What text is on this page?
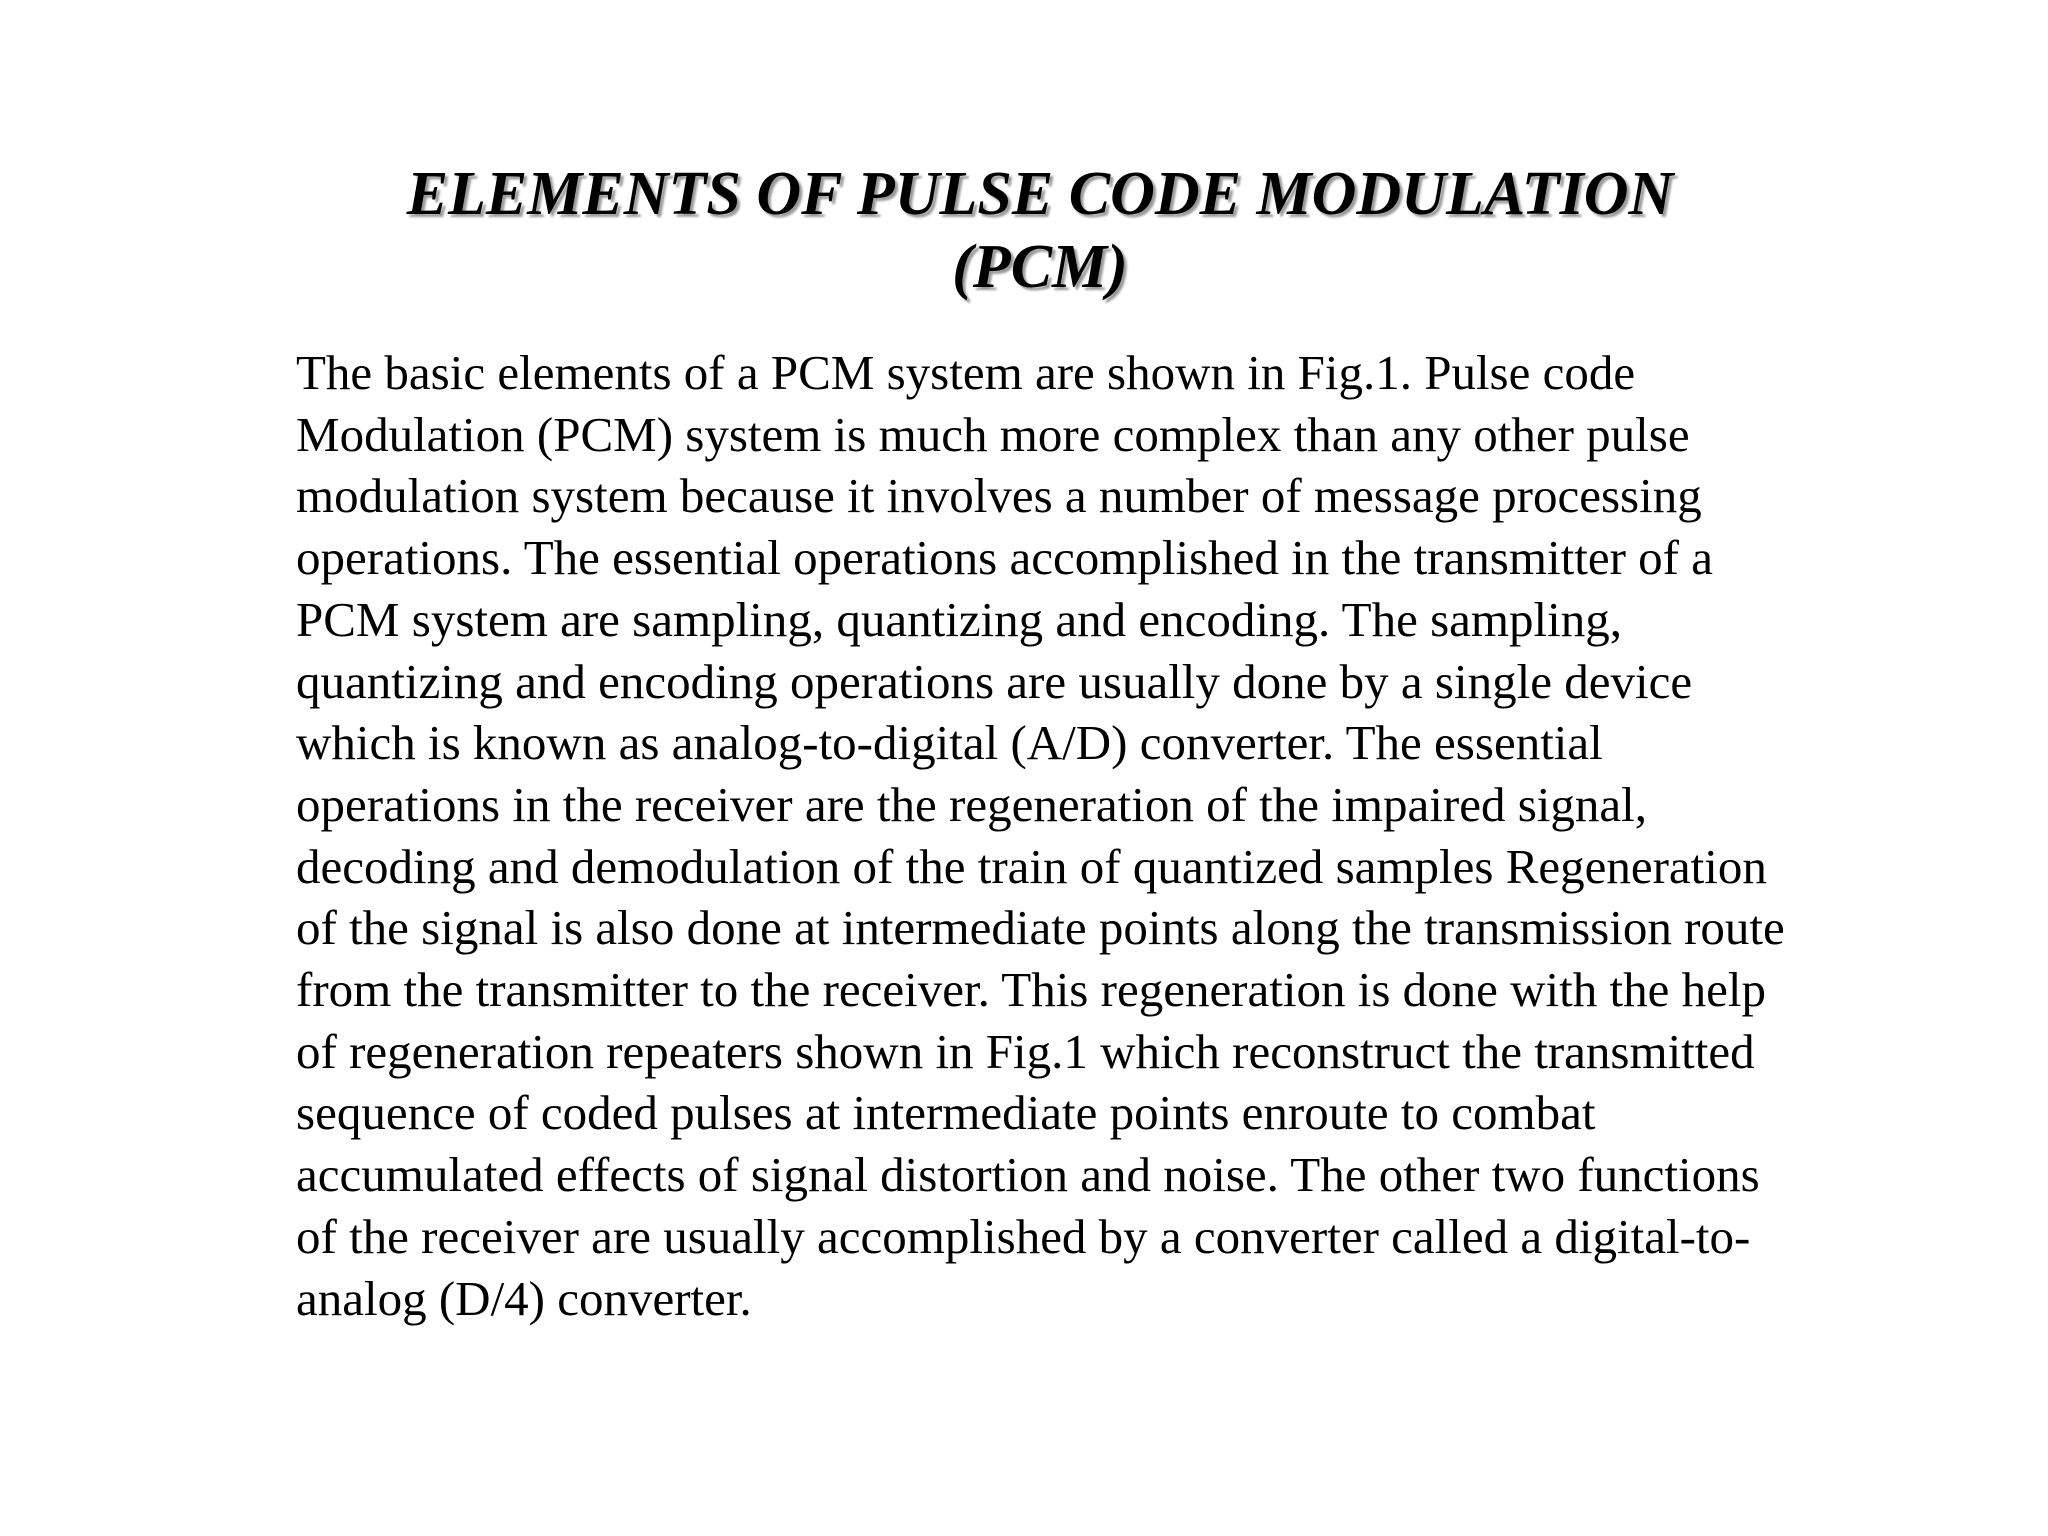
ELEMENTS OF PULSE CODE MODULATION
(PCM)
The basic elements of a PCM system are shown in Fig.1. Pulse code
Modulation (PCM) system is much more complex than any other pulse
modulation system because it involves a number of message processing
operations. The essential operations accomplished in the transmitter of a
PCM system are sampling, quantizing and encoding. The sampling,
quantizing and encoding operations are usually done by a single device
which is known as analog-to-digital (A/D) converter. The essential
operations in the receiver are the regeneration of the impaired signal,
decoding and demodulation of the train of quantized samples Regeneration
of the signal is also done at intermediate points along the transmission route
from the transmitter to the receiver. This regeneration is done with the help
of regeneration repeaters shown in Fig.1 which reconstruct the transmitted
sequence of coded pulses at intermediate points enroute to combat
accumulated effects of signal distortion and noise. The other two functions
of the receiver are usually accomplished by a converter called a digital-to-
analog (D/4) converter.
